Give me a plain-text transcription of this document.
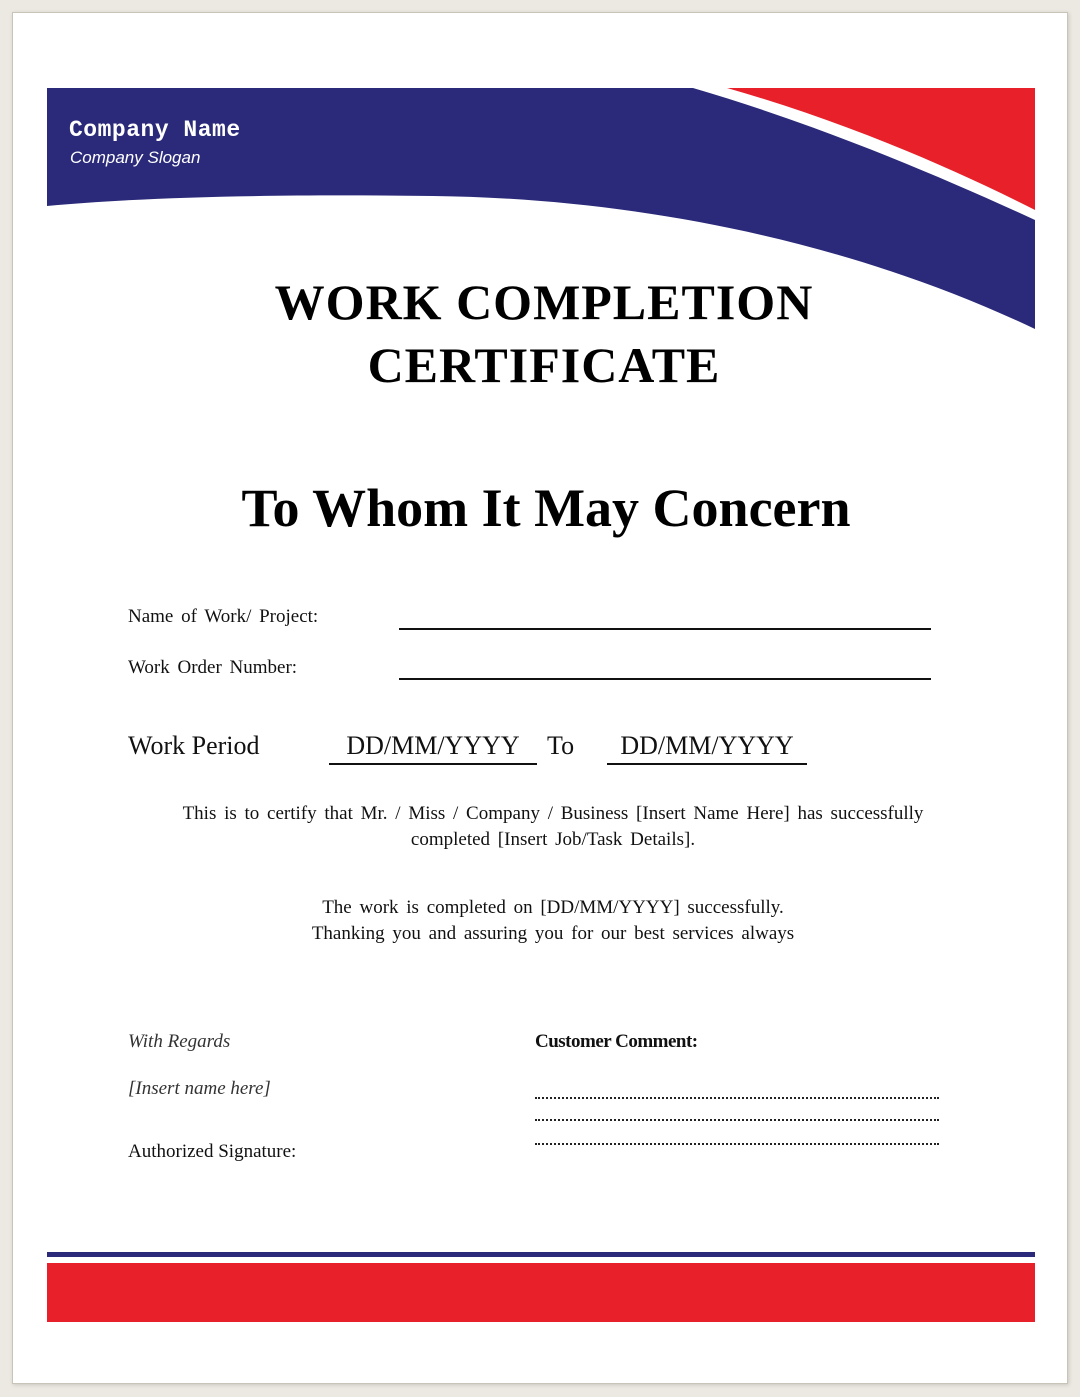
Company Name
Company Slogan
WORK COMPLETION
CERTIFICATE
To Whom It May Concern
Name of Work/ Project:
Work Order Number:
Work Period	DD/MM/YYYY	To	DD/MM/YYYY
This is to certify that Mr. / Miss / Company / Business [Insert Name Here] has successfully
completed [Insert Job/Task Details].
The work is completed on [DD/MM/YYYY] successfully.
Thanking you and assuring you for our best services always
With Regards
[Insert name here]
Authorized Signature:
Customer Comment:
